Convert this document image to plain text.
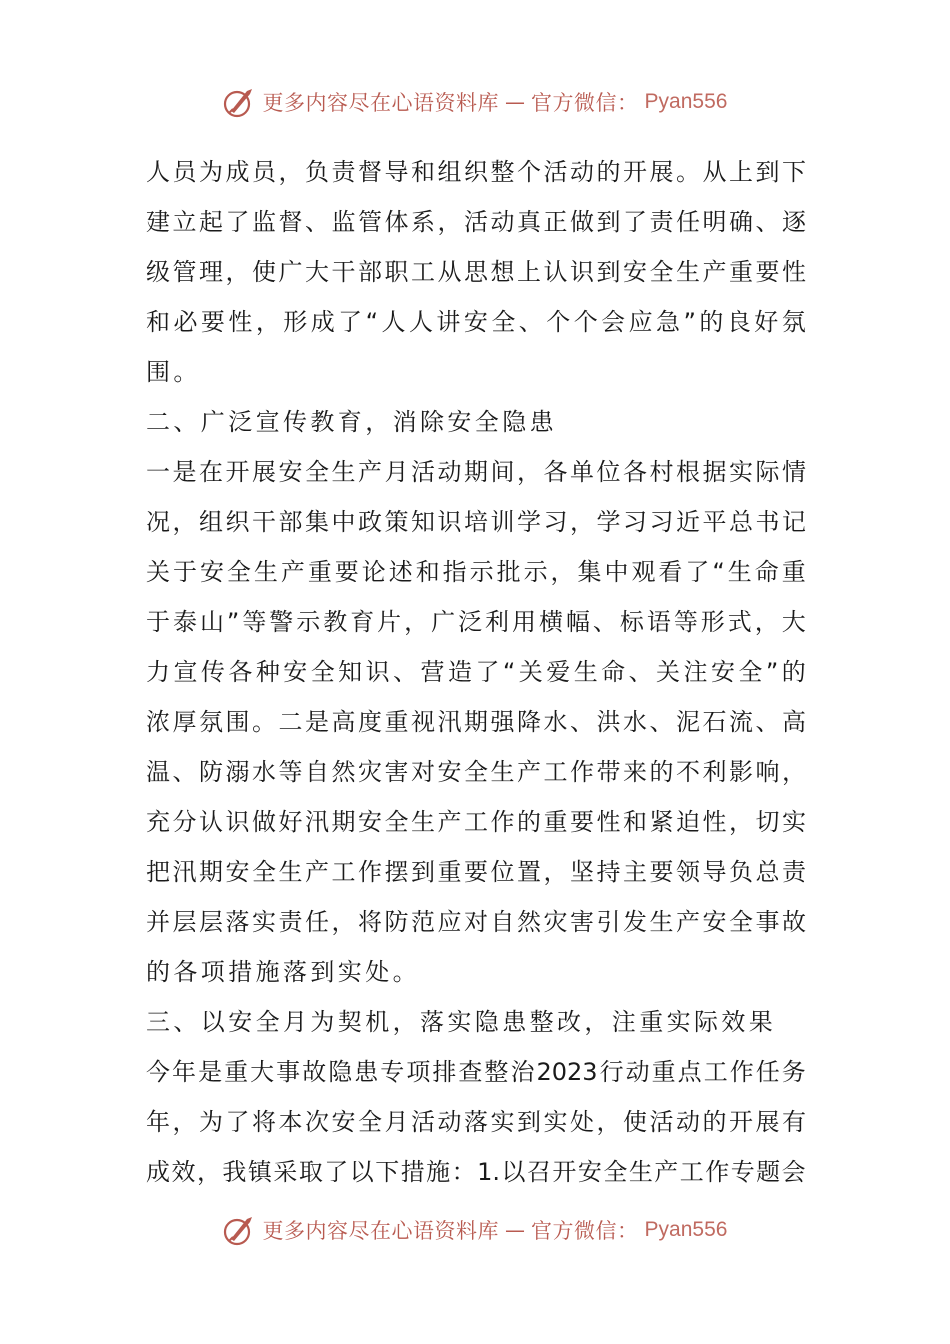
更多内容尽在心语资料库 — 官方微信： Pyan556
人 员 为 成 员 ， 负 责 督 导 和 组 织 整 个 活 动 的 开 展 。 从 上 到 下
建 立 起 了 监 督 、 监 管 体 系 ， 活 动 真 正 做 到 了 责 任 明 确 、 逐
级 管 理 ， 使 广 大 干 部 职 工 从 思 想 上 认 识 到 安 全 生 产 重 要 性
和 必 要 性 ， 形 成 了 “ 人 人 讲 安 全 、 个 个 会 应 急 ” 的 良 好 氛
围。
二、广泛宣传教育，消除安全隐患
一 是 在 开 展 安 全 生 产 月 活 动 期 间 ， 各 单 位 各 村 根 据 实 际 情
况 ， 组 织 干 部 集 中 政 策 知 识 培 训 学 习 ， 学 习 习 近 平 总 书 记
关 于 安 全 生 产 重 要 论 述 和 指 示 批 示 ， 集 中 观 看 了 “ 生 命 重
于 泰 山 ” 等 警 示 教 育 片 ， 广 泛 利 用 横 幅 、 标 语 等 形 式 ， 大
力 宣 传 各 种 安 全 知 识 、 营 造 了 “ 关 爱 生 命 、 关 注 安 全 ” 的
浓 厚 氛 围 。 二 是 高 度 重 视 汛 期 强 降 水 、 洪 水 、 泥 石 流 、 高
温 、 防 溺 水 等 自 然 灾 害 对 安 全 生 产 工 作 带 来 的 不 利 影 响 ，
充 分 认 识 做 好 汛 期 安 全 生 产 工 作 的 重 要 性 和 紧 迫 性 ， 切 实
把 汛 期 安 全 生 产 工 作 摆 到 重 要 位 置 ， 坚 持 主 要 领 导 负 总 责
并 层 层 落 实 责 任 ， 将 防 范 应 对 自 然 灾 害 引 发 生 产 安 全 事 故
的各项措施落到实处。
三、以安全月为契机，落实隐患整改，注重实际效果
今 年 是 重 大 事 故 隐 患 专 项 排 查 整 治 2023 行 动 重 点 工 作 任 务
年 ， 为 了 将 本 次 安 全 月 活 动 落 实 到 实 处 ， 使 活 动 的 开 展 有
成 效 ， 我 镇 采 取 了 以 下 措 施 ： 1. 以 召 开 安 全 生 产 工 作 专 题 会
更多内容尽在心语资料库 — 官方微信： Pyan556
